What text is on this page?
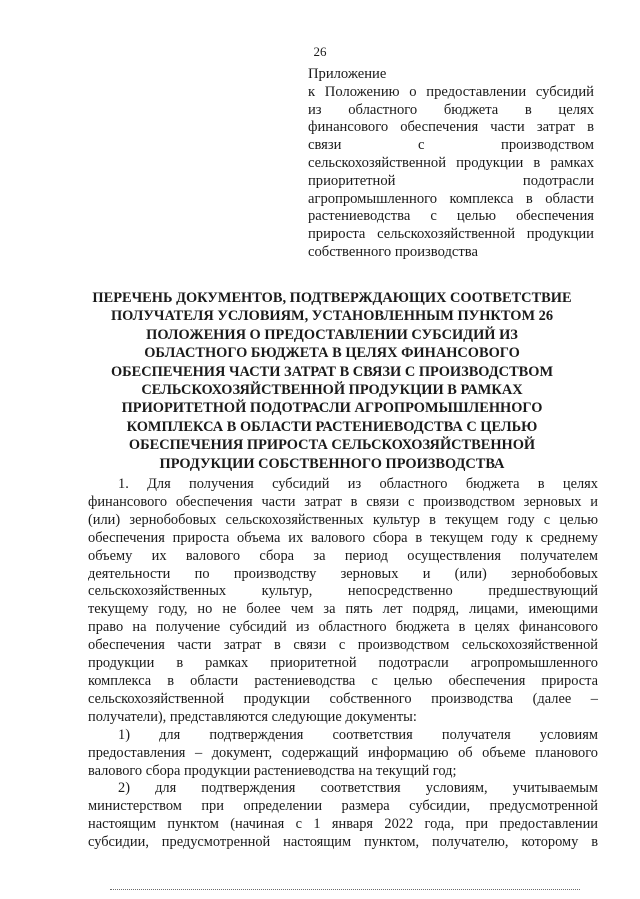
26
Приложение
к Положению о предоставлении субсидий
из областного бюджета в целях
финансового обеспечения части затрат в
связи с производством
сельскохозяйственной продукции в рамках
приоритетной подотрасли
агропромышленного комплекса в области
растениеводства с целью обеспечения
прироста сельскохозяйственной продукции
собственного производства
ПЕРЕЧЕНЬ ДОКУМЕНТОВ, ПОДТВЕРЖДАЮЩИХ СООТВЕТСТВИЕ
ПОЛУЧАТЕЛЯ УСЛОВИЯМ, УСТАНОВЛЕННЫМ ПУНКТОМ 26
ПОЛОЖЕНИЯ О ПРЕДОСТАВЛЕНИИ СУБСИДИЙ ИЗ
ОБЛАСТНОГО БЮДЖЕТА В ЦЕЛЯХ ФИНАНСОВОГО
ОБЕСПЕЧЕНИЯ ЧАСТИ ЗАТРАТ В СВЯЗИ С ПРОИЗВОДСТВОМ
СЕЛЬСКОХОЗЯЙСТВЕННОЙ ПРОДУКЦИИ В РАМКАХ
ПРИОРИТЕТНОЙ ПОДОТРАСЛИ АГРОПРОМЫШЛЕННОГО
КОМПЛЕКСА В ОБЛАСТИ РАСТЕНИЕВОДСТВА С ЦЕЛЬЮ
ОБЕСПЕЧЕНИЯ ПРИРОСТА СЕЛЬСКОХОЗЯЙСТВЕННОЙ
ПРОДУКЦИИ СОБСТВЕННОГО ПРОИЗВОДСТВА
1. Для получения субсидий из областного бюджета в целях
финансового обеспечения части затрат в связи с производством зерновых и
(или) зернобобовых сельскохозяйственных культур в текущем году с целью
обеспечения прироста объема их валового сбора в текущем году к среднему
объему их валового сбора за период осуществления получателем
деятельности по производству зерновых и (или) зернобобовых
сельскохозяйственных культур, непосредственно предшествующий
текущему году, но не более чем за пять лет подряд, лицами, имеющими
право на получение субсидий из областного бюджета в целях финансового
обеспечения части затрат в связи с производством сельскохозяйственной
продукции в рамках приоритетной подотрасли агропромышленного
комплекса в области растениеводства с целью обеспечения прироста
сельскохозяйственной продукции собственного производства (далее –
получатели), представляются следующие документы:
1) для подтверждения соответствия получателя условиям
предоставления – документ, содержащий информацию об объеме планового
валового сбора продукции растениеводства на текущий год;
2) для подтверждения соответствия условиям, учитываемым
министерством при определении размера субсидии, предусмотренной
настоящим пунктом (начиная с 1 января 2022 года, при предоставлении
субсидии, предусмотренной настоящим пунктом, получателю, которому в
